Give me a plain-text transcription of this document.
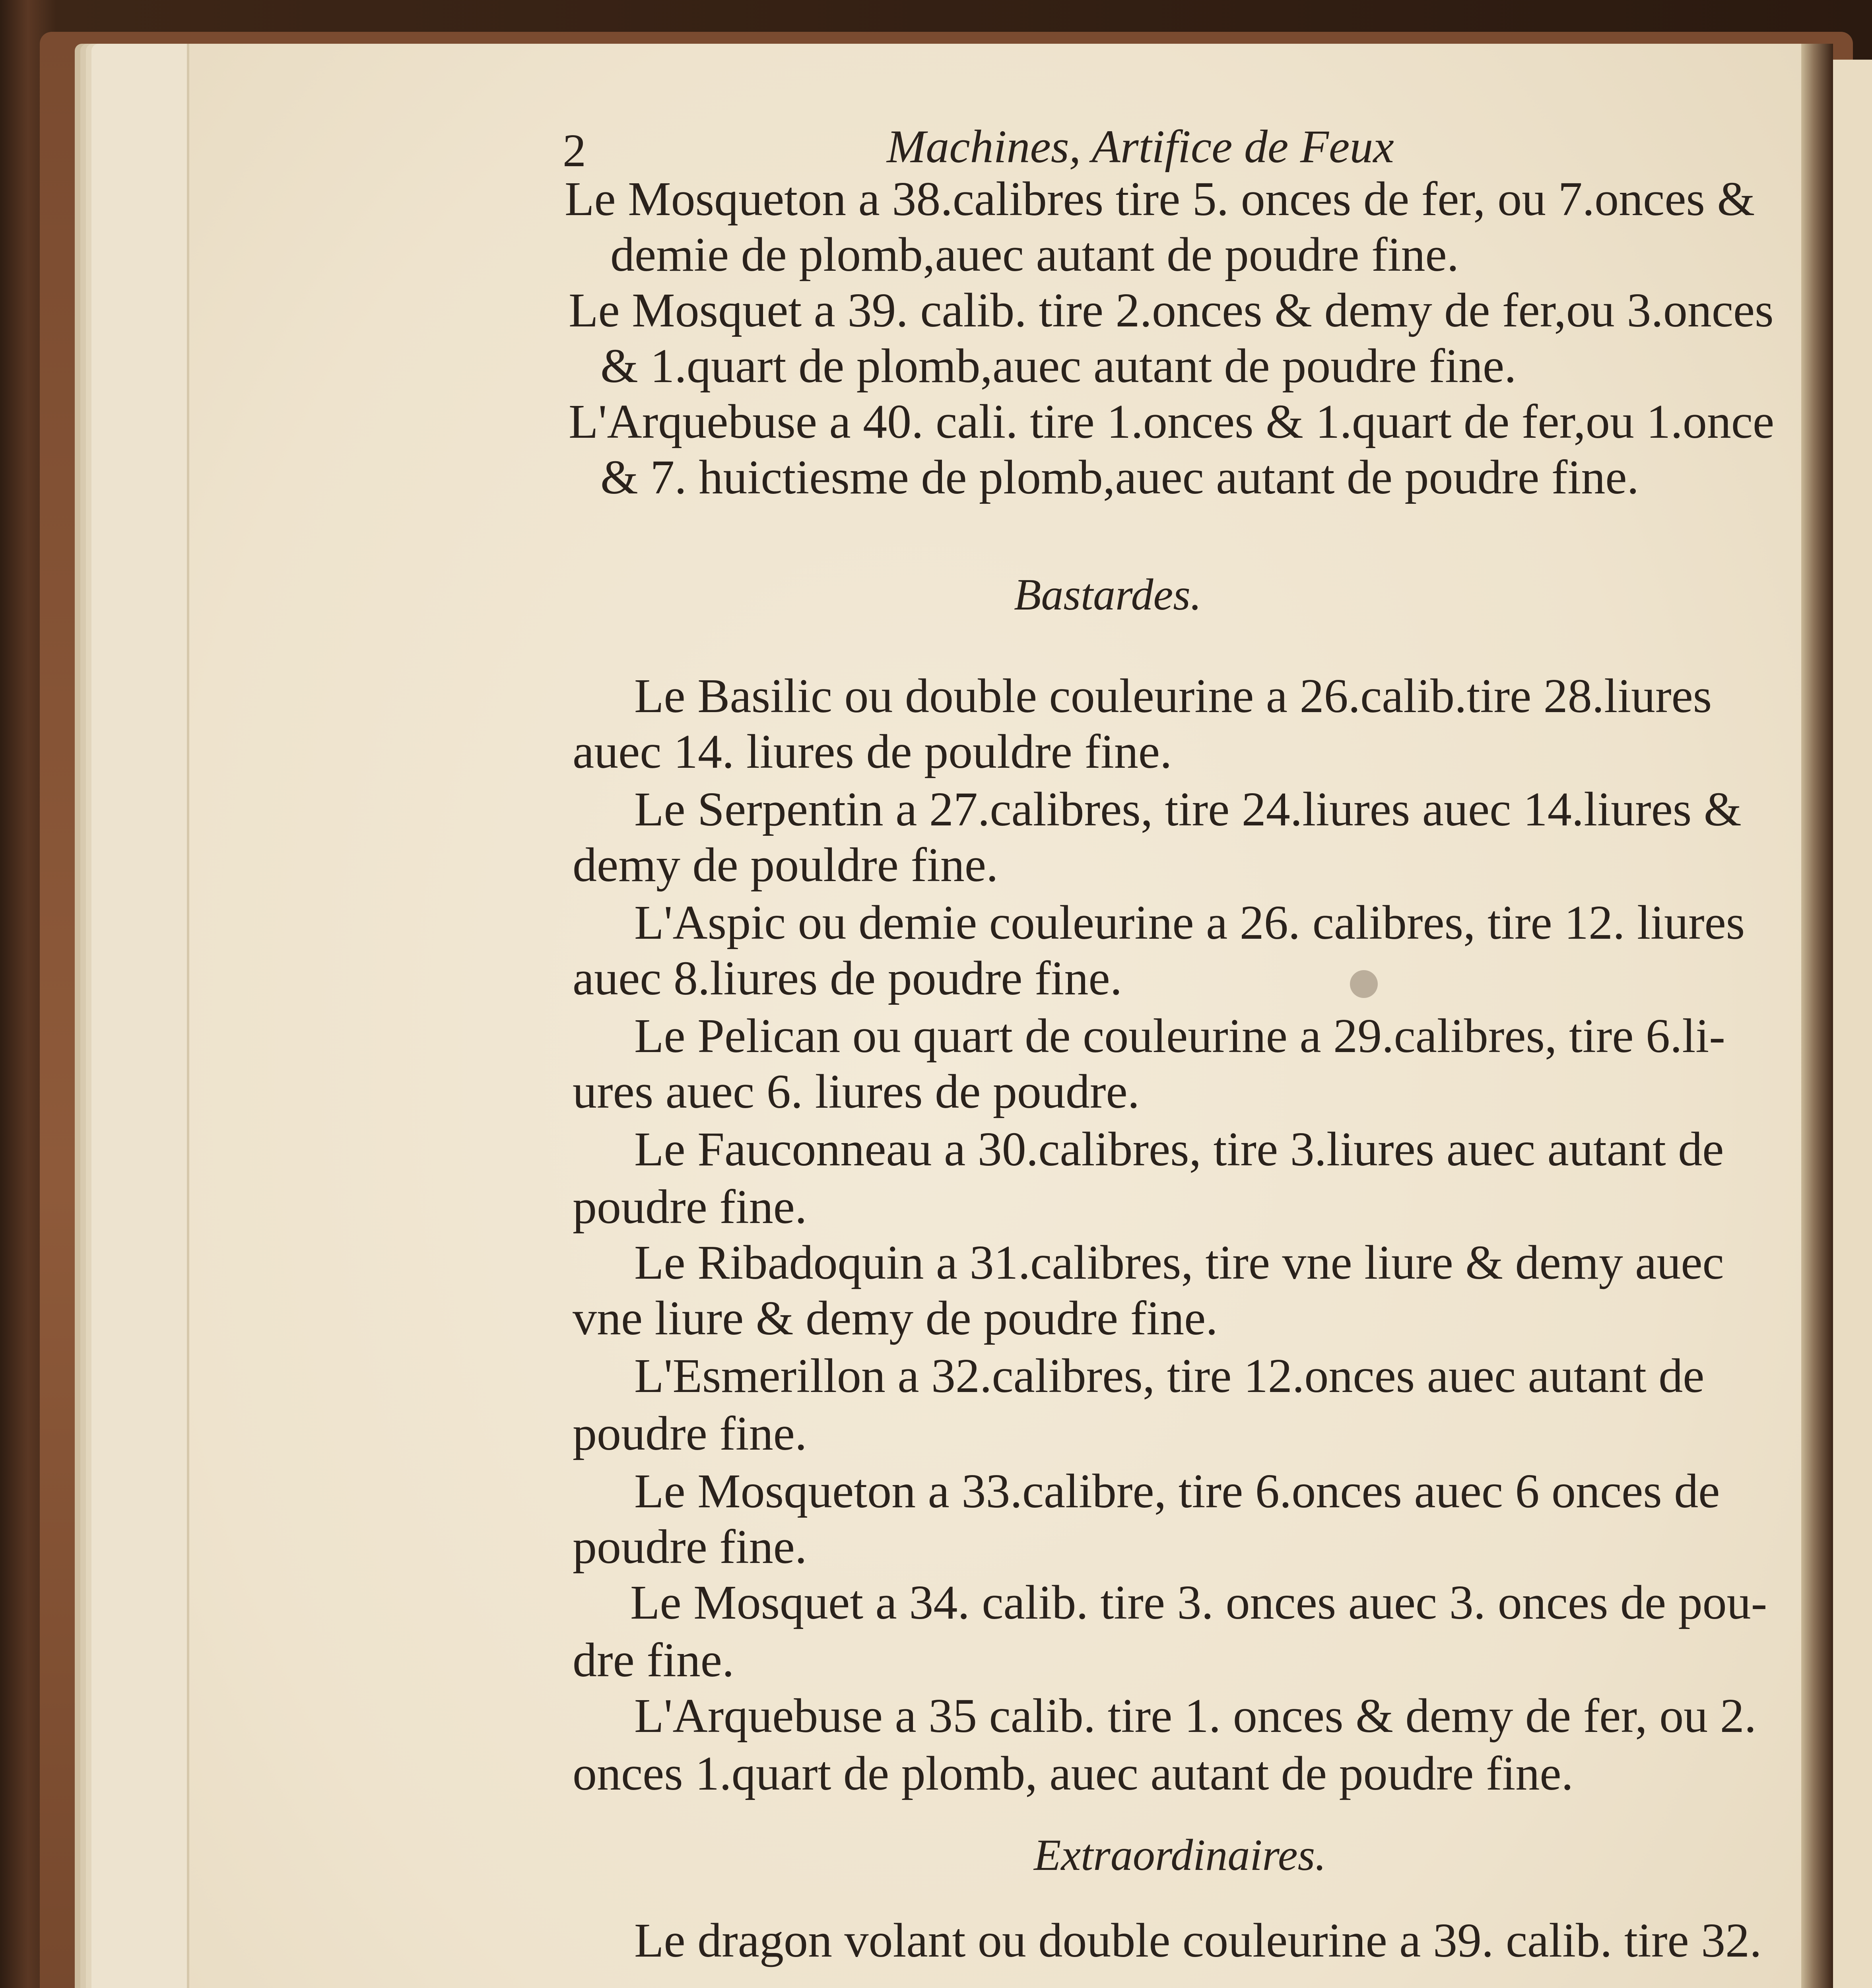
2	Machines, Artifice de Feux
Le Mosqueton a 38.calibres tire 5. onces de fer, ou 7.onces &
demie de plomb,auec autant de poudre fine.
Le Mosquet a 39. calib. tire 2.onces & demy de fer,ou 3.onces
& 1.quart de plomb,auec autant de poudre fine.
L'Arquebuse a 40. cali. tire 1.onces & 1.quart de fer,ou 1.once
& 7. huictiesme de plomb,auec autant de poudre fine.
Bastardes.
Le Basilic ou double couleurine a 26.calib.tire 28.liures
auec 14. liures de pouldre fine.
Le Serpentin a 27.calibres, tire 24.liures auec 14.liures &
demy de pouldre fine.
L'Aspic ou demie couleurine a 26. calibres, tire 12. liures
auec 8.liures de poudre fine.
Le Pelican ou quart de couleurine a 29.calibres, tire 6.li-
ures auec 6. liures de poudre.
Le Fauconneau a 30.calibres, tire 3.liures auec autant de
poudre fine.
Le Ribadoquin a 31.calibres, tire vne liure & demy auec
vne liure & demy de poudre fine.
L'Esmerillon a 32.calibres, tire 12.onces auec autant de
poudre fine.
Le Mosqueton a 33.calibre, tire 6.onces auec 6 onces de
poudre fine.
Le Mosquet a 34. calib. tire 3. onces auec 3. onces de pou-
dre fine.
L'Arquebuse a 35 calib. tire 1. onces & demy de fer, ou 2.
onces 1.quart de plomb, auec autant de poudre fine.
Extraordinaires.
Le dragon volant ou double couleurine a 39. calib. tire 32.
